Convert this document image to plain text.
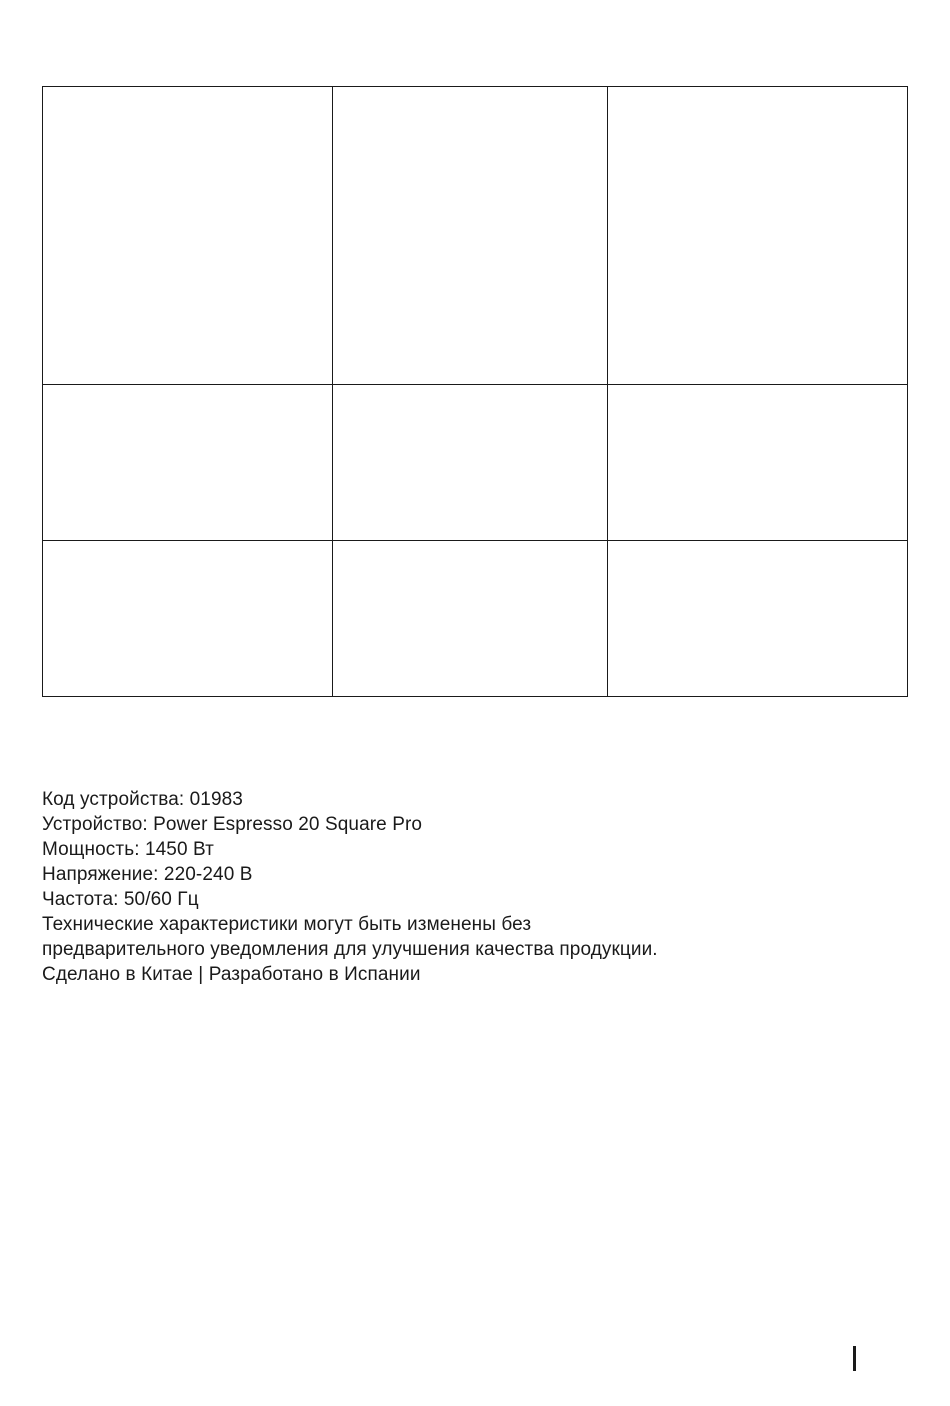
Код устройства: 01983
Устройство: Power Espresso 20 Square Pro
Мощность: 1450 Вт
Напряжение: 220-240 В
Частота: 50/60 Гц
Технические характеристики могут быть изменены без
предварительного уведомления для улучшения качества продукции.
Сделано в Китае | Разработано в Испании
